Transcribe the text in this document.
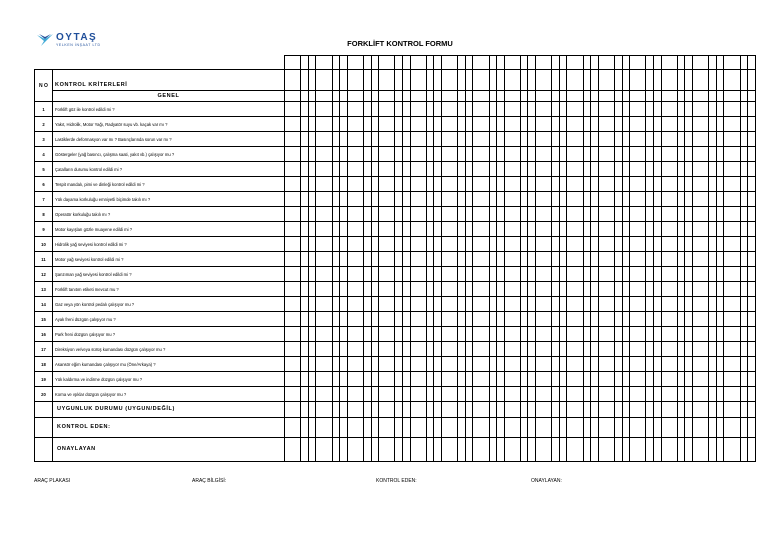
OYTAŞ
YELKEN İNŞAAT LTD	FORKLİFT KONTROL FORMU

N O	KONTROL KRİTERLERİ																																													
	GENEL																																													
1	Forklift göz ile kontrol edildi mi ?																																													
2	Yakıt, Hidrolik, Motor Yağı, Radyatör suyu vb. kaçak var mı ?																																													
3	Lastiklerde deformasyon var mı ? Basınçlarında sorun var mı ?																																													
4	Göstergeler (yağ basıncı, çalışma saati, yakıt vb.) çalışıyor mu ?																																													
5	Çatalların durumu kontrol edildi mi ?																																													
6	Tespit mandalı, pimi ve dinleği kontrol edildi mi ?																																													
7	Yük dayama korkuluğu emniyetli biçimde takılı mı ?																																													
8	Operatör korkuluğu takılı mı ?																																													
9	Motor kayışları gözle muayene edildi mi ?																																													
10	Hidrolik yağ seviyesi kontrol edildi mi ?																																													
11	Motor yağ seviyesi kontrol edildi mi ?																																													
12	Şanzıman yağ seviyesi kontrol edildi mi ?																																													
13	Forklift tanıtım etiketi mevcut mu ?																																													
14	Gaz veya yön kontrol pedalı çalışıyor mu ?																																													
15	Ayak freni düzgün çalışıyor mu ?																																													
16	Park freni düzgün çalışıyor mu ?																																													
17	Direksiyon ve/veya sürüş kumandası düzgün çalışıyor mu ?																																													
18	Asansör eğim kumandası çalışıyor mu (Öne/Arkaya) ?																																													
19	Yük kaldırma ve indirme düzgün çalışıyor mu ?																																													
20	Korna ve ışıklar düzgün çalışıyor mu ?																																													
	UYGUNLUK DURUMU (UYGUN/DEĞİL)																																													
	KONTROL EDEN:																																													
	ONAYLAYAN																																													
ARAÇ PLAKASI	ARAÇ BİLGİSİ:	KONTROL EDEN:	ONAYLAYAN:
